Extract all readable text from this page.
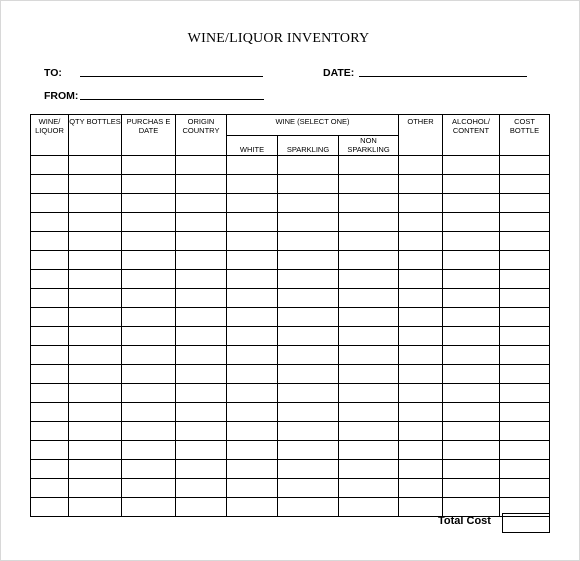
WINE/LIQUOR INVENTORY
TO:	DATE:
FROM:
WINE/ LIQUOR	QTY BOTTLES	PURCHAS E DATE	ORIGIN COUNTRY	WINE (SELECT ONE)			OTHER	ALCOHOL/ CONTENT	COST BOTTLE
				WHITE	SPARKLING	NON SPARKLING			

Total Cost
